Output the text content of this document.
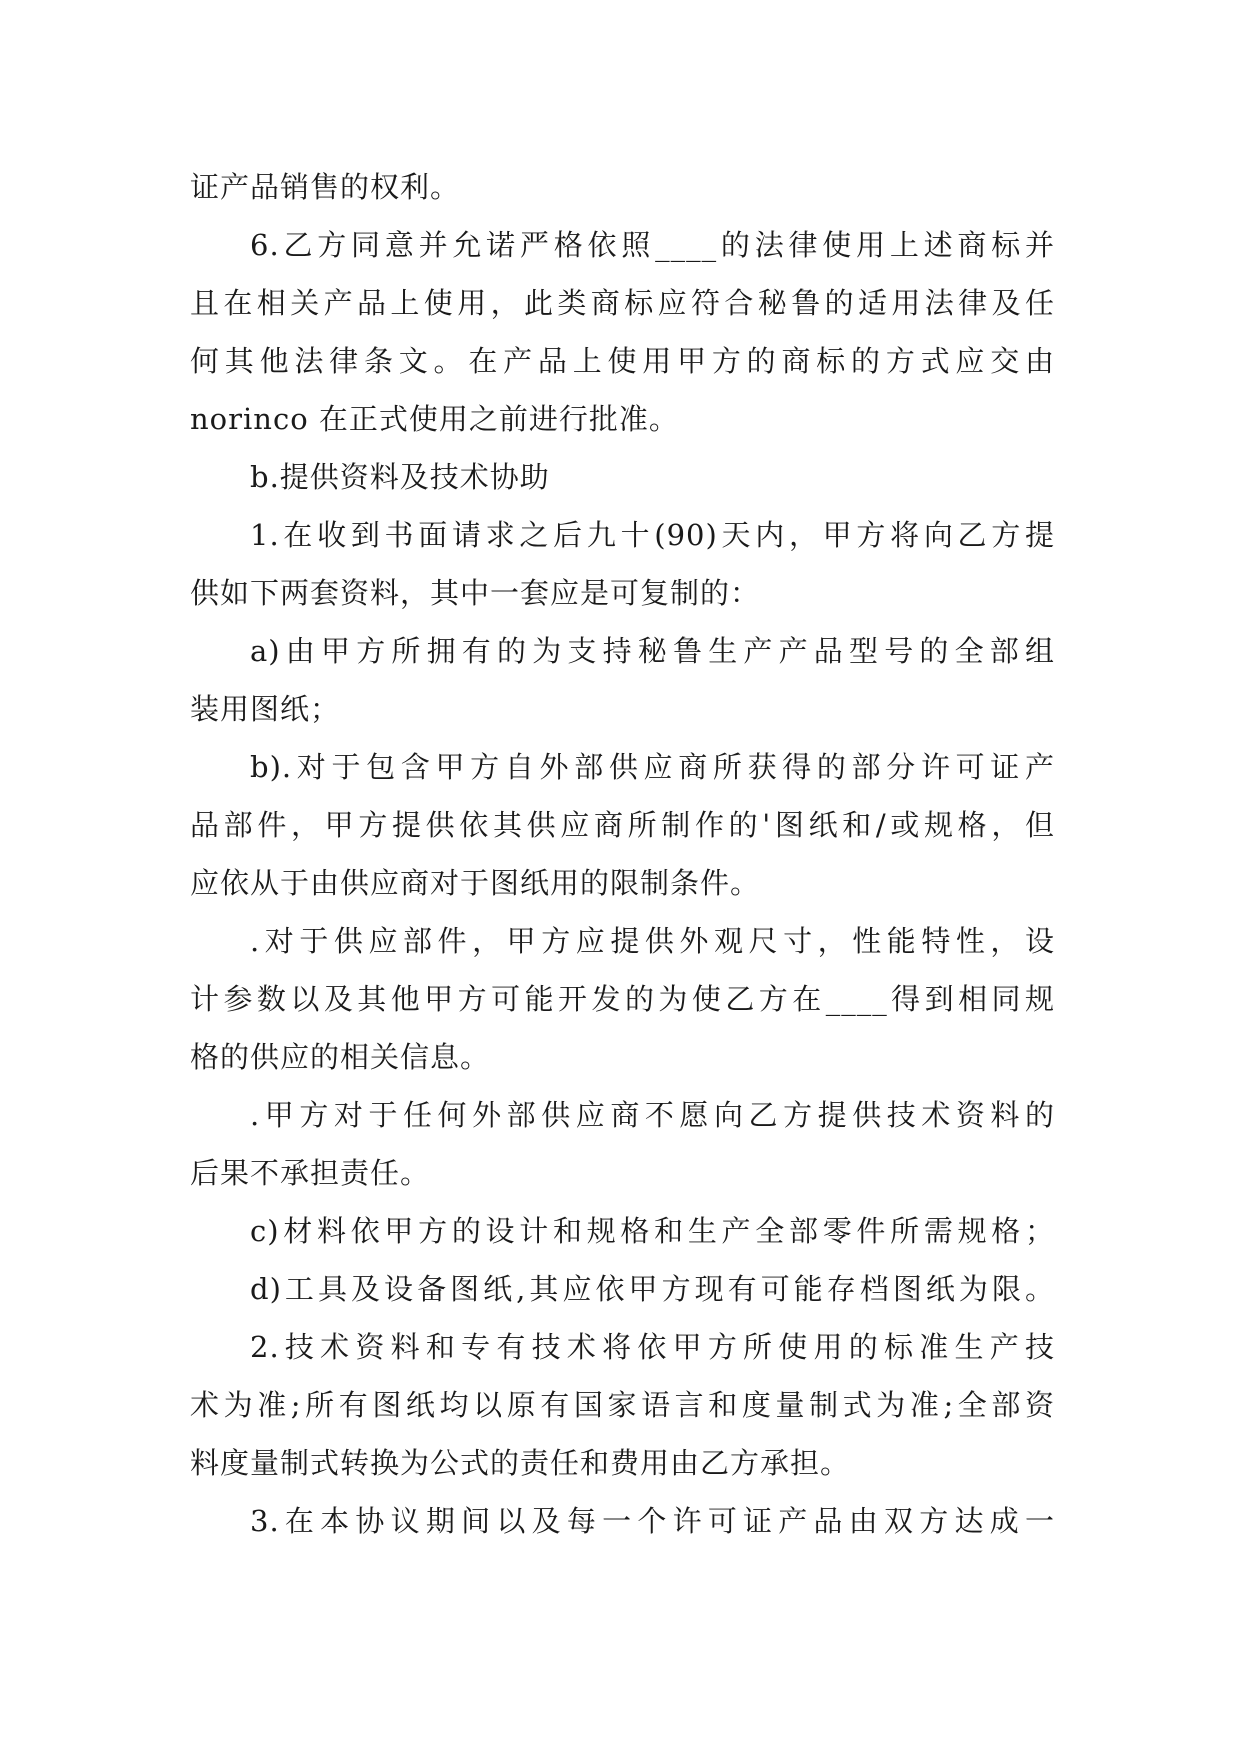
证产品销售的权利。
6.乙方同意并允诺严格依照____的法律使用上述商标并
且在相关产品上使用，此类商标应符合秘鲁的适用法律及任
何其他法律条文。在产品上使用甲方的商标的方式应交由
norinco 在正式使用之前进行批准。
b.提供资料及技术协助
1.在收到书面请求之后九十(90)天内，甲方将向乙方提
供如下两套资料，其中一套应是可复制的：
a)由甲方所拥有的为支持秘鲁生产产品型号的全部组
装用图纸；
b).对于包含甲方自外部供应商所获得的部分许可证产
品部件，甲方提供依其供应商所制作的'图纸和/或规格，但
应依从于由供应商对于图纸用的限制条件。
.对于供应部件，甲方应提供外观尺寸，性能特性，设
计参数以及其他甲方可能开发的为使乙方在____得到相同规
格的供应的相关信息。
.甲方对于任何外部供应商不愿向乙方提供技术资料的
后果不承担责任。
c)材料依甲方的设计和规格和生产全部零件所需规格；
d)工具及设备图纸,其应依甲方现有可能存档图纸为限。
2.技术资料和专有技术将依甲方所使用的标准生产技
术为准;所有图纸均以原有国家语言和度量制式为准;全部资
料度量制式转换为公式的责任和费用由乙方承担。
3.在本协议期间以及每一个许可证产品由双方达成一
